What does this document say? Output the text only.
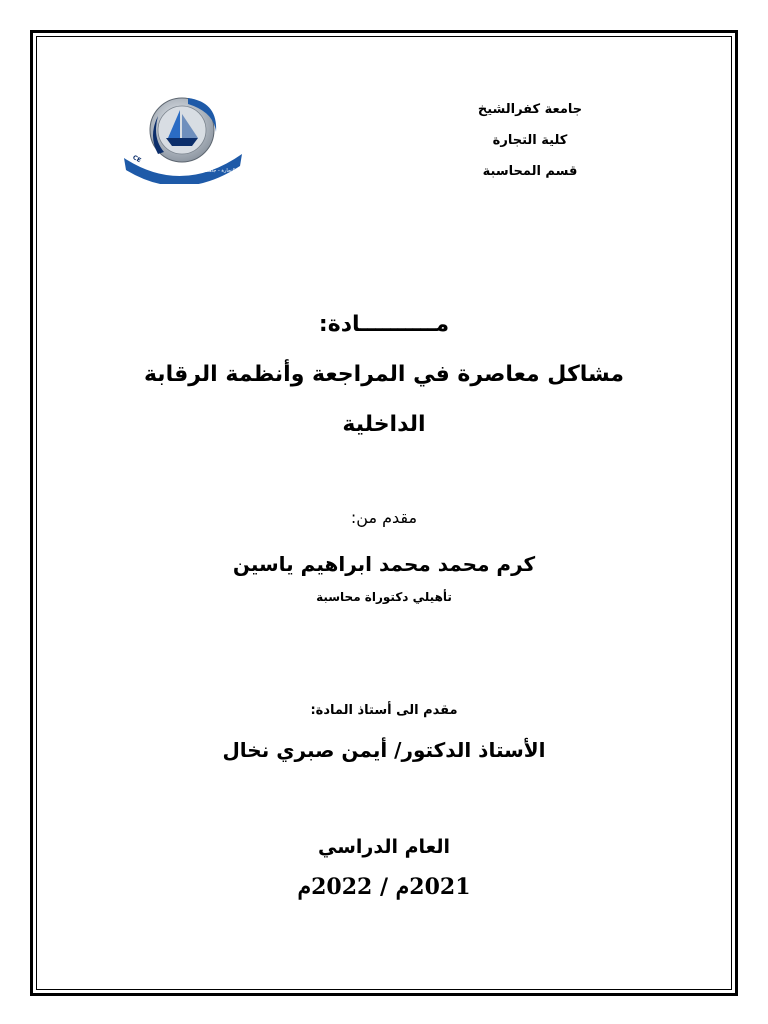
جامعة كفرالشيخ
كلية التجارة
قسم المحاسبة
CE
كلية التجارة - جامعة كفرالشيخ
مــــــــــادة:
مشاكل معاصرة في المراجعة وأنظمة الرقابة
الداخلية
مقدم من:
كرم محمد محمد ابراهيم ياسين
تأهيلي دكتوراة محاسبة
مقدم الى أستاذ المادة:
الأستاذ الدكتور/ أيمن صبري نخال
العام الدراسي
2021م / 2022م
